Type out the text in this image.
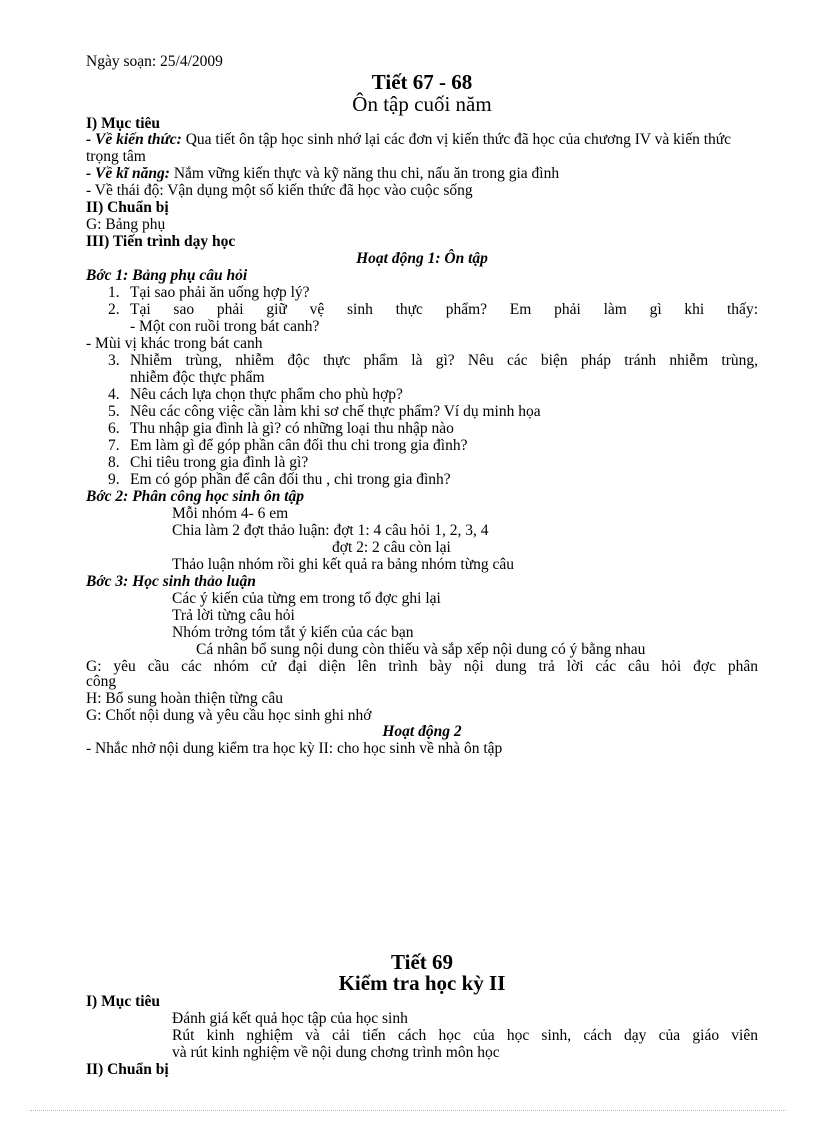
Ngày soạn: 25/4/2009
Tiết 67 - 68
Ôn tập cuối năm
I) Mục tiêu
- Về kiến thức: Qua tiết ôn tập học sinh nhớ lại các đơn vị kiến thức đã học của chương IV và kiến thức trọng tâm
- Về kĩ năng: Nắm vững kiến thực và kỹ năng thu chi, nấu ăn trong gia đình
- Về thái độ: Vận dụng một số kiến thức đã học vào cuộc sống
II) Chuẩn bị
G: Bảng phụ
III) Tiến trình dạy học
Hoạt động 1: Ôn tập
Bớc 1: Bảng phụ câu hỏi
1. Tại sao phải ăn uống hợp lý?
2. Tại sao phải giữ vệ sinh thực phẩm? Em phải làm gì khi thấy:
- Một con ruồi trong bát canh?
- Mùi vị khác trong bát canh
3. Nhiễm trùng, nhiễm độc thực phẩm là gì? Nêu các biện pháp tránh nhiễm trùng,
nhiễm độc thực phẩm
4. Nêu cách lựa chọn thực phẩm cho phù hợp?
5. Nêu các công việc cần làm khi sơ chế thực phẩm? Ví dụ minh họa
6. Thu nhập gia đình là gì? có những loại thu nhập nào
7. Em làm gì để góp phần cân đối thu chi trong gia đình?
8. Chi tiêu trong gia đình là gì?
9. Em có góp phần để cân đối thu , chi trong gia đình?
Bớc 2: Phân công học sinh ôn tập
Mỗi nhóm 4- 6 em
Chia làm 2 đợt thảo luận: đợt 1: 4 câu hỏi 1, 2, 3, 4
đợt 2: 2 câu còn lại
Thảo luận nhóm rồi ghi kết quả ra bảng nhóm từng câu
Bớc 3: Học sinh thảo luận
Các ý kiến của từng em trong tổ đợc ghi lại
Trả lời từng câu hỏi
Nhóm trởng tóm tắt ý kiến của các bạn
Cá nhân bổ sung nội dung còn thiếu và sắp xếp nội dung có ý bằng nhau
G: yêu cầu các nhóm cử đại diện lên trình bày nội dung trả lời các câu hỏi đợc phân
công
H: Bổ sung hoàn thiện từng câu
G: Chốt nội dung và yêu cầu học sinh ghi nhớ
Hoạt động 2
- Nhắc nhở nội dung kiểm tra học kỳ II: cho học sinh về nhà ôn tập
Tiết 69
Kiểm tra học kỳ II
I) Mục tiêu
Đánh giá kết quả học tập của học sinh
Rút kinh nghiệm và cải tiến cách học của học sinh, cách dạy của giáo viên
và rút kinh nghiệm về nội dung chơng trình môn học
II) Chuẩn bị
